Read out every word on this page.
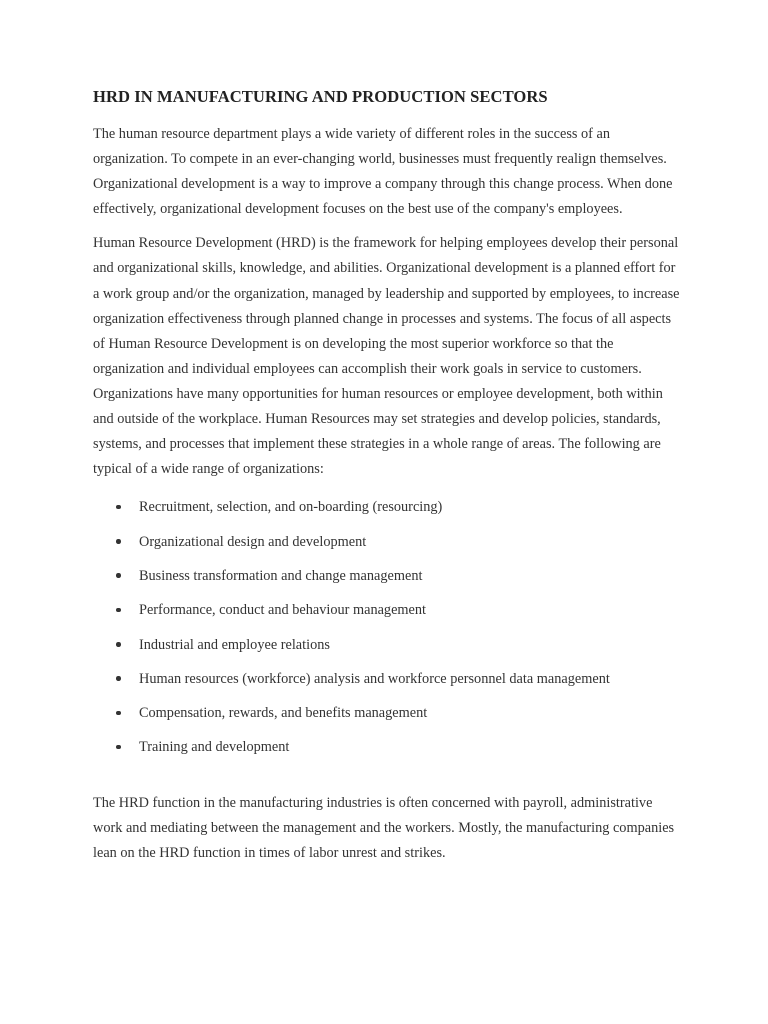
HRD IN MANUFACTURING AND PRODUCTION SECTORS

The human resource department plays a wide variety of different roles in the success of an organization. To compete in an ever-changing world, businesses must frequently realign themselves. Organizational development is a way to improve a company through this change process. When done effectively, organizational development focuses on the best use of the company's employees.

Human Resource Development (HRD) is the framework for helping employees develop their personal and organizational skills, knowledge, and abilities. Organizational development is a planned effort for a work group and/or the organization, managed by leadership and supported by employees, to increase organization effectiveness through planned change in processes and systems. The focus of all aspects of Human Resource Development is on developing the most superior workforce so that the organization and individual employees can accomplish their work goals in service to customers. Organizations have many opportunities for human resources or employee development, both within and outside of the workplace. Human Resources may set strategies and develop policies, standards, systems, and processes that implement these strategies in a whole range of areas. The following are typical of a wide range of organizations:

Recruitment, selection, and on-boarding (resourcing)
Organizational design and development
Business transformation and change management
Performance, conduct and behaviour management
Industrial and employee relations
Human resources (workforce) analysis and workforce personnel data management
Compensation, rewards, and benefits management
Training and development

The HRD function in the manufacturing industries is often concerned with payroll, administrative work and mediating between the management and the workers. Mostly, the manufacturing companies lean on the HRD function in times of labor unrest and strikes.
